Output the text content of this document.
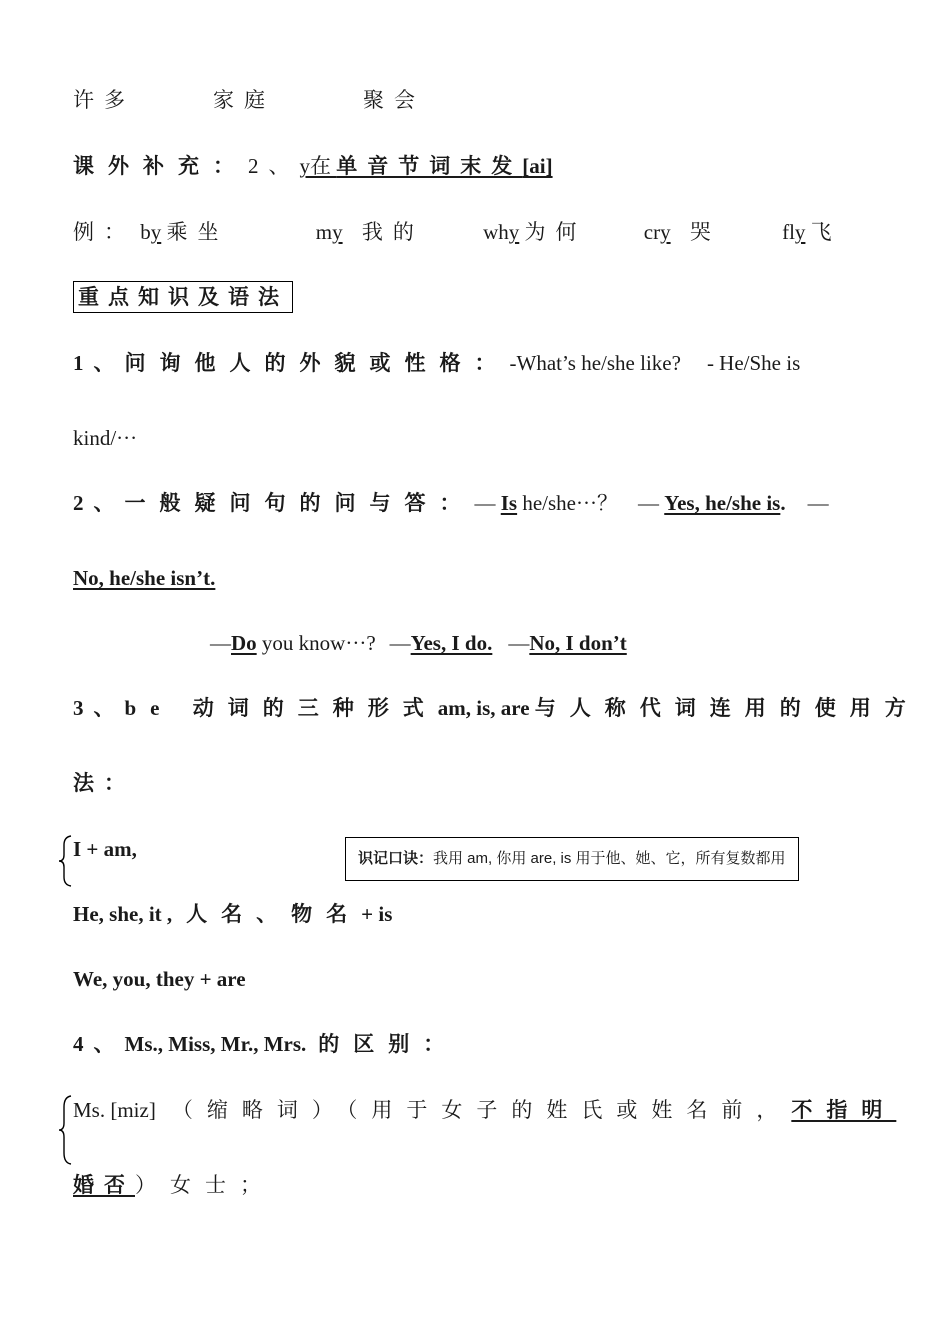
许多	家庭	聚会
课外补充：2、y在 单音节词末发[ai]
例： by 乘坐	my 我的	why 为何	cry 哭	fly 飞
重点知识及语法
1、问询他人的外貌或性格：-What’s he/she like? - He/She is
kind/···
2、一般疑问句的问与答：— Is he/she···？ — Yes, he/she is. —
No, he/she isn’t.
—Do you know···? —Yes, I do. —No, I don’t
3、be 动词的三种形式am, is, are 与人称代词连用的使用方
法：
I + am,	识记口诀：我用 am, 你用 are, is 用于他、她、它，所有复数都用
He, she, it , 人名、物名+ is
We, you, they + are
4、Ms., Miss, Mr., Mrs. 的区别：
Ms. [miz] （缩略词）（用于女子的姓氏或姓名前，不指明
婚否）女士；
